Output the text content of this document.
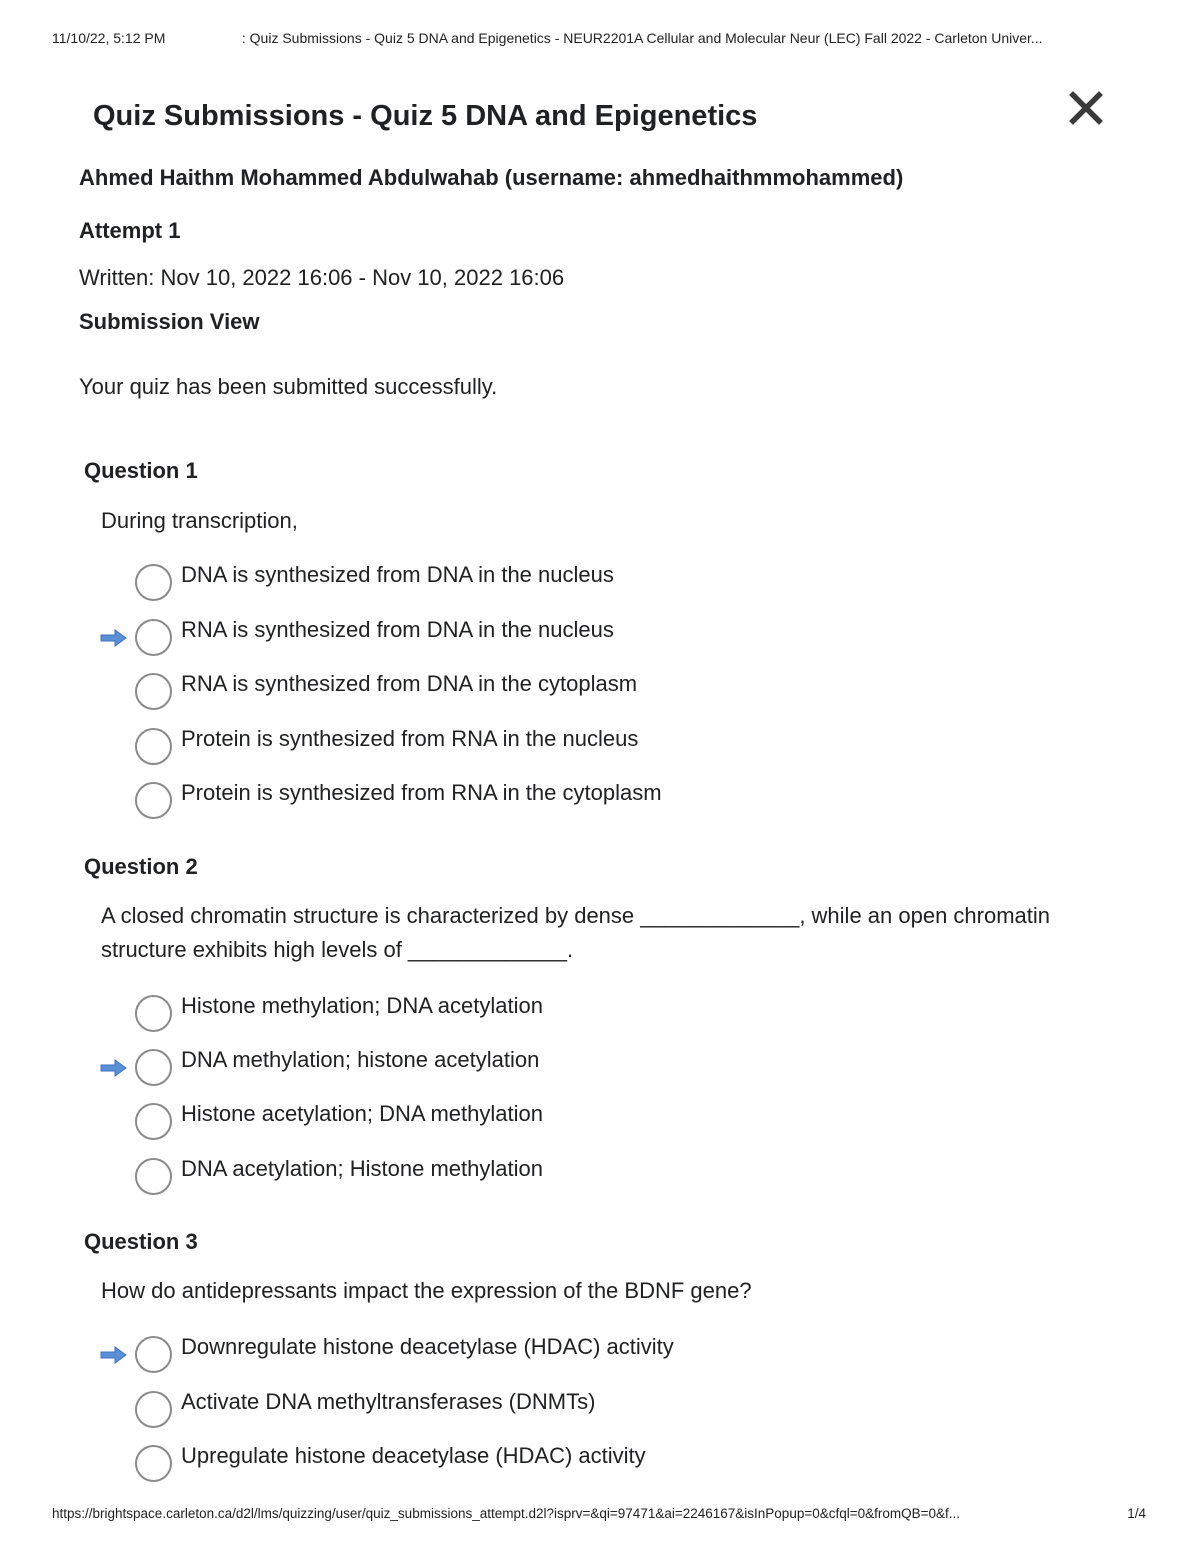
11/10/22, 5:12 PM	: Quiz Submissions - Quiz 5 DNA and Epigenetics - NEUR2201A Cellular and Molecular Neur (LEC) Fall 2022 - Carleton Univer...
Quiz Submissions - Quiz 5 DNA and Epigenetics
Ahmed Haithm Mohammed Abdulwahab (username: ahmedhaithmmohammed)
Attempt 1
Written: Nov 10, 2022 16:06 - Nov 10, 2022 16:06
Submission View
Your quiz has been submitted successfully.
Question 1
During transcription,
DNA is synthesized from DNA in the nucleus
RNA is synthesized from DNA in the nucleus
RNA is synthesized from DNA in the cytoplasm
Protein is synthesized from RNA in the nucleus
Protein is synthesized from RNA in the cytoplasm
Question 2
A closed chromatin structure is characterized by dense _____________, while an open chromatin structure exhibits high levels of _____________.
Histone methylation; DNA acetylation
DNA methylation; histone acetylation
Histone acetylation; DNA methylation
DNA acetylation; Histone methylation
Question 3
How do antidepressants impact the expression of the BDNF gene?
Downregulate histone deacetylase (HDAC) activity
Activate DNA methyltransferases (DNMTs)
Upregulate histone deacetylase (HDAC) activity
https://brightspace.carleton.ca/d2l/lms/quizzing/user/quiz_submissions_attempt.d2l?isprv=&qi=97471&ai=2246167&isInPopup=0&cfql=0&fromQB=0&f...	1/4
